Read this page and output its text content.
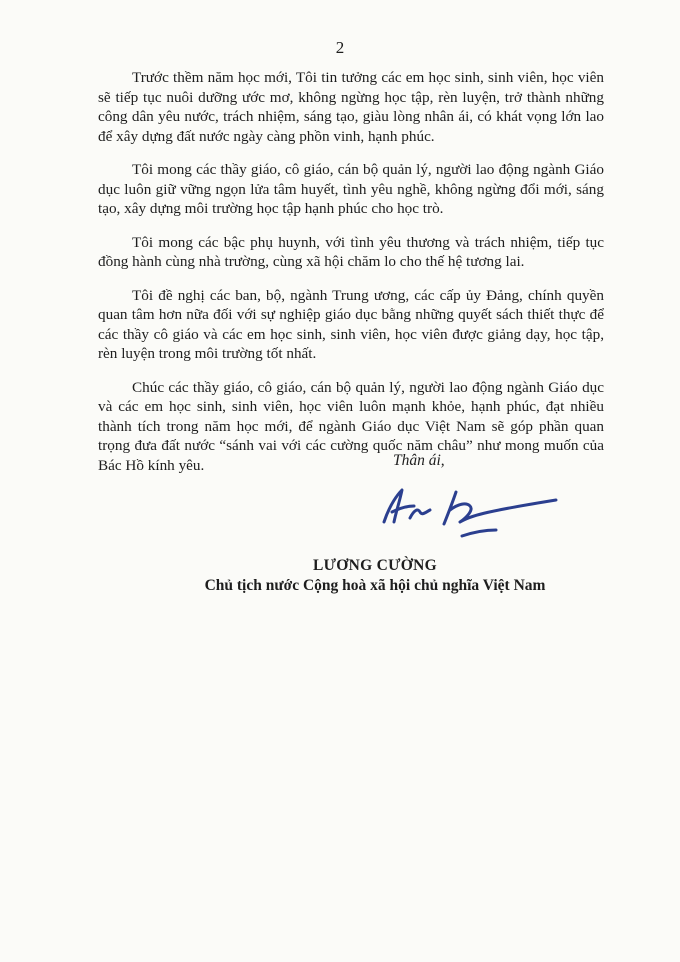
2

Trước thềm năm học mới, Tôi tin tưởng các em học sinh, sinh viên, học viên sẽ tiếp tục nuôi dưỡng ước mơ, không ngừng học tập, rèn luyện, trở thành những công dân yêu nước, trách nhiệm, sáng tạo, giàu lòng nhân ái, có khát vọng lớn lao để xây dựng đất nước ngày càng phồn vinh, hạnh phúc.

Tôi mong các thầy giáo, cô giáo, cán bộ quản lý, người lao động ngành Giáo dục luôn giữ vững ngọn lửa tâm huyết, tình yêu nghề, không ngừng đổi mới, sáng tạo, xây dựng môi trường học tập hạnh phúc cho học trò.

Tôi mong các bậc phụ huynh, với tình yêu thương và trách nhiệm, tiếp tục đồng hành cùng nhà trường, cùng xã hội chăm lo cho thế hệ tương lai.

Tôi đề nghị các ban, bộ, ngành Trung ương, các cấp ủy Đảng, chính quyền quan tâm hơn nữa đối với sự nghiệp giáo dục bằng những quyết sách thiết thực để các thầy cô giáo và các em học sinh, sinh viên, học viên được giảng dạy, học tập, rèn luyện trong môi trường tốt nhất.

Chúc các thầy giáo, cô giáo, cán bộ quản lý, người lao động ngành Giáo dục và các em học sinh, sinh viên, học viên luôn mạnh khỏe, hạnh phúc, đạt nhiều thành tích trong năm học mới, để ngành Giáo dục Việt Nam sẽ góp phần quan trọng đưa đất nước “sánh vai với các cường quốc năm châu” như mong muốn của Bác Hồ kính yêu.	Thân ái,
LƯƠNG CƯỜNG
Chủ tịch nước Cộng hoà xã hội chủ nghĩa Việt Nam
